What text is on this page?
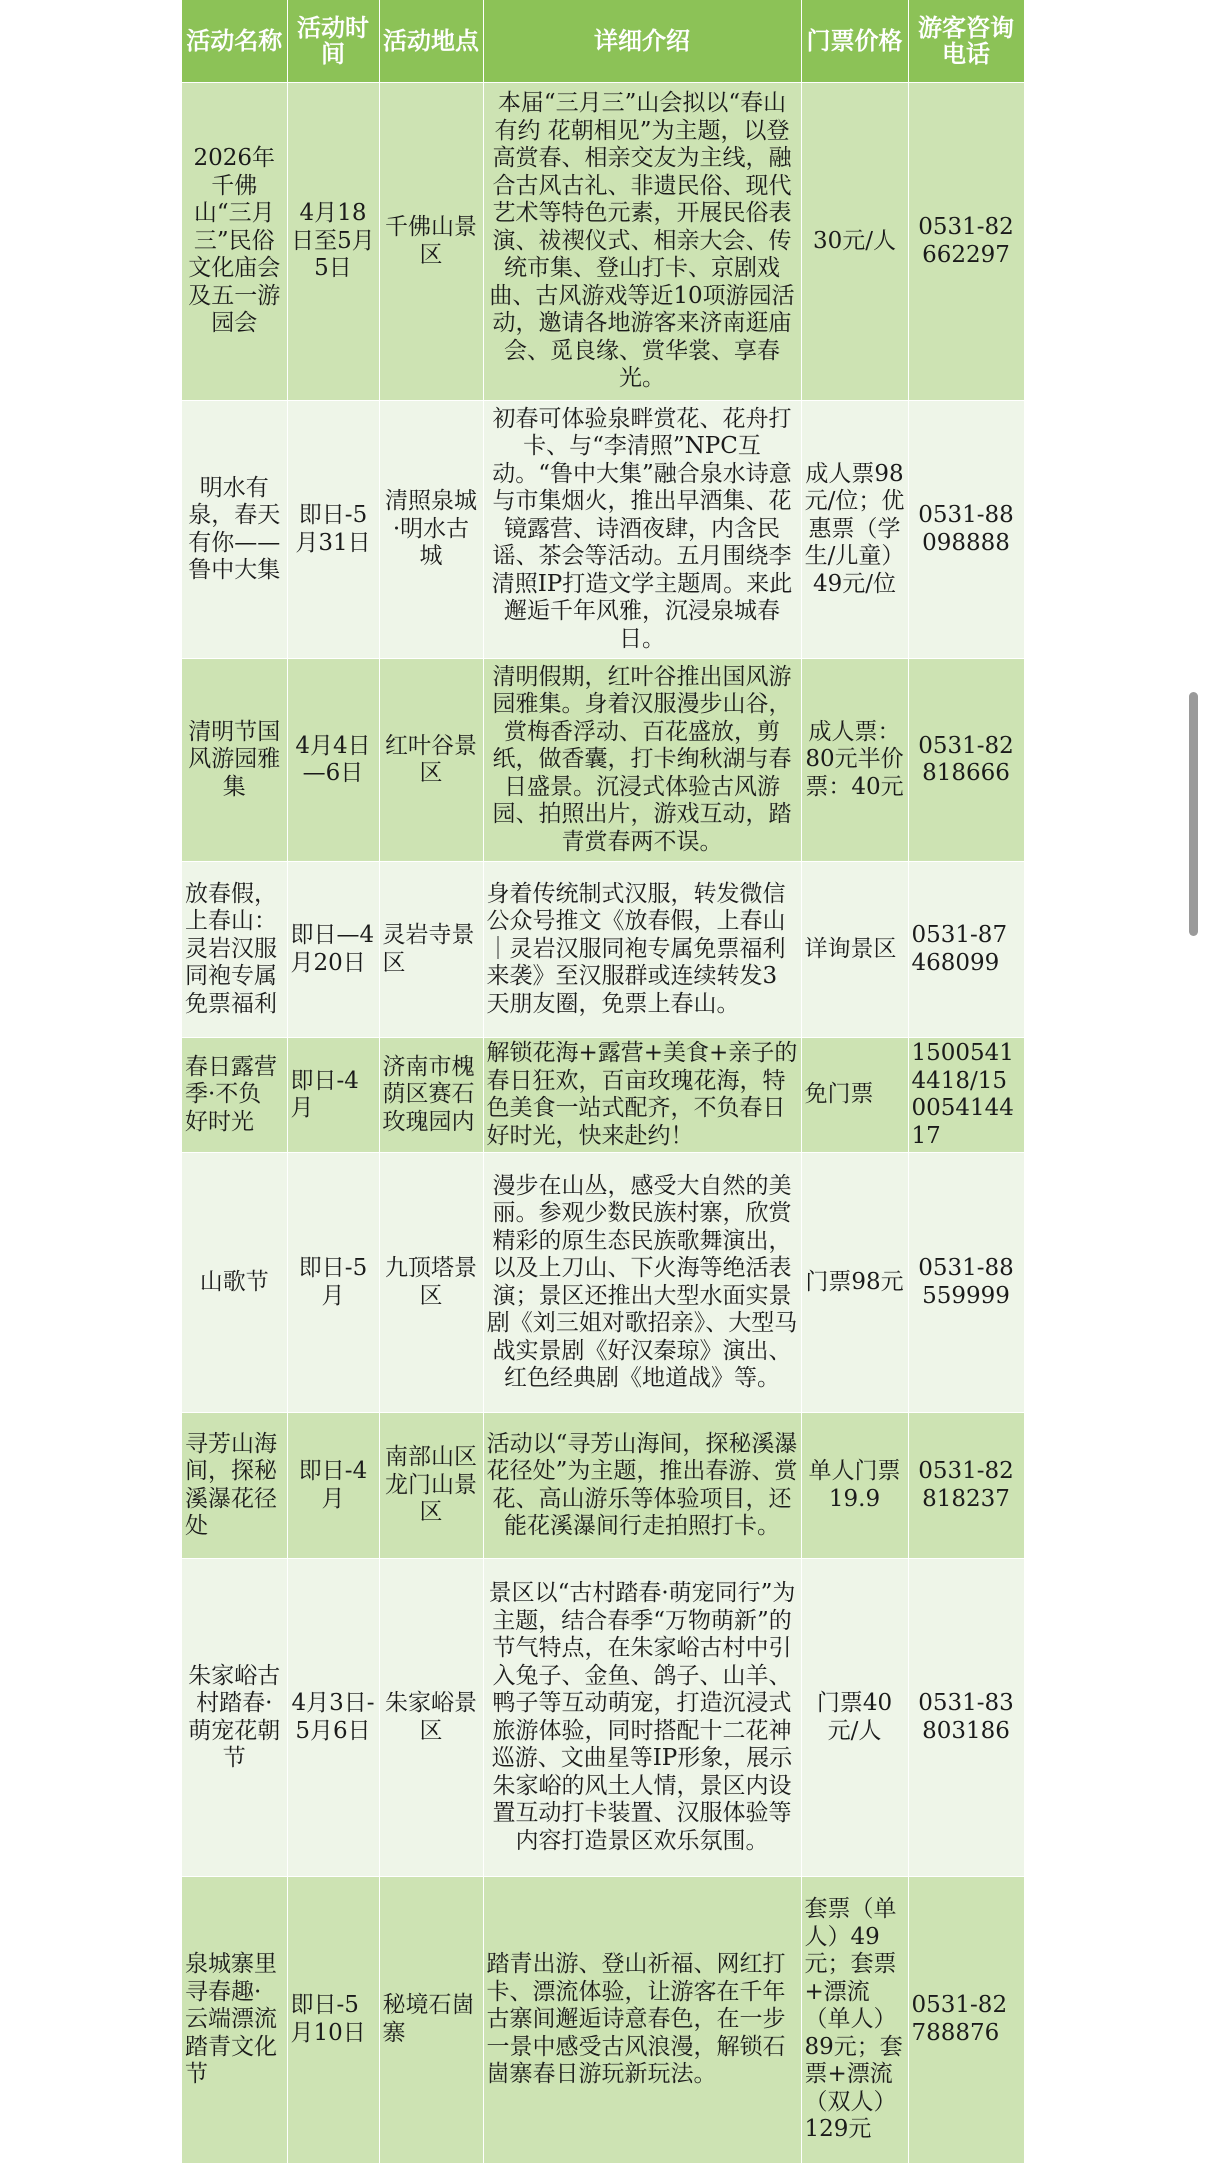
活动名称	活动时间	活动地点	详细介绍	门票价格	游客咨询电话
2026年千佛山“三月三”民俗文化庙会及五一游园会	4月18日至5月5日	千佛山景区	本届“三月三”山会拟以“春山有约 花朝相见”为主题，以登高赏春、相亲交友为主线，融合古风古礼、非遗民俗、现代艺术等特色元素，开展民俗表演、祓禊仪式、相亲大会、传统市集、登山打卡、京剧戏曲、古风游戏等近10项游园活动，邀请各地游客来济南逛庙会、觅良缘、赏华裳、享春光。	30元/人	0531-82662297
明水有泉，春天有你——鲁中大集	即日-5月31日	清照泉城·明水古城	初春可体验泉畔赏花、花舟打卡、与“李清照”NPC互动。“鲁中大集”融合泉水诗意与市集烟火，推出早酒集、花镜露营、诗酒夜肆，内含民谣、茶会等活动。五月围绕李清照IP打造文学主题周。来此邂逅千年风雅，沉浸泉城春日。	成人票98元/位；优惠票（学生/儿童）49元/位	0531-88098888
清明节国风游园雅集	4月4日—6日	红叶谷景区	清明假期，红叶谷推出国风游园雅集。身着汉服漫步山谷，赏梅香浮动、百花盛放，剪纸，做香囊，打卡绚秋湖与春日盛景。沉浸式体验古风游园、拍照出片，游戏互动，踏青赏春两不误。	成人票：80元半价票：40元	0531-82818666
放春假，上春山：灵岩汉服同袍专属免票福利	即日—4月20日	灵岩寺景区	身着传统制式汉服，转发微信公众号推文《放春假，上春山｜灵岩汉服同袍专属免票福利来袭》至汉服群或连续转发3天朋友圈，免票上春山。	详询景区	0531-87468099
春日露营季·不负好时光	即日-4月	济南市槐荫区赛石玫瑰园内	解锁花海+露营+美食+亲子的春日狂欢，百亩玫瑰花海，特色美食一站式配齐，不负春日好时光，快来赴约！	免门票	15005414418/15005414417
山歌节	即日-5月	九顶塔景区	漫步在山丛，感受大自然的美丽。参观少数民族村寨，欣赏精彩的原生态民族歌舞演出，以及上刀山、下火海等绝活表演；景区还推出大型水面实景剧《刘三姐对歌招亲》、大型马战实景剧《好汉秦琼》演出、红色经典剧《地道战》等。	门票98元	0531-88559999
寻芳山海间，探秘溪瀑花径处	即日-4月	南部山区龙门山景区	活动以“寻芳山海间，探秘溪瀑花径处”为主题，推出春游、赏花、高山游乐等体验项目，还能花溪瀑间行走拍照打卡。	单人门票19.9	0531-82818237
朱家峪古村踏春·萌宠花朝节	4月3日-5月6日	朱家峪景区	景区以“古村踏春·萌宠同行”为主题，结合春季“万物萌新”的节气特点，在朱家峪古村中引入兔子、金鱼、鸽子、山羊、鸭子等互动萌宠，打造沉浸式旅游体验，同时搭配十二花神巡游、文曲星等IP形象，展示朱家峪的风土人情，景区内设置互动打卡装置、汉服体验等内容打造景区欢乐氛围。	门票40元/人	0531-83803186
泉城寨里寻春趣·云端漂流踏青文化节	即日-5月10日	秘境石崮寨	踏青出游、登山祈福、网红打卡、漂流体验，让游客在千年古寨间邂逅诗意春色，在一步一景中感受古风浪漫，解锁石崮寨春日游玩新玩法。	套票（单人）49元；套票+漂流（单人）89元；套票+漂流（双人）129元	0531-82788876
